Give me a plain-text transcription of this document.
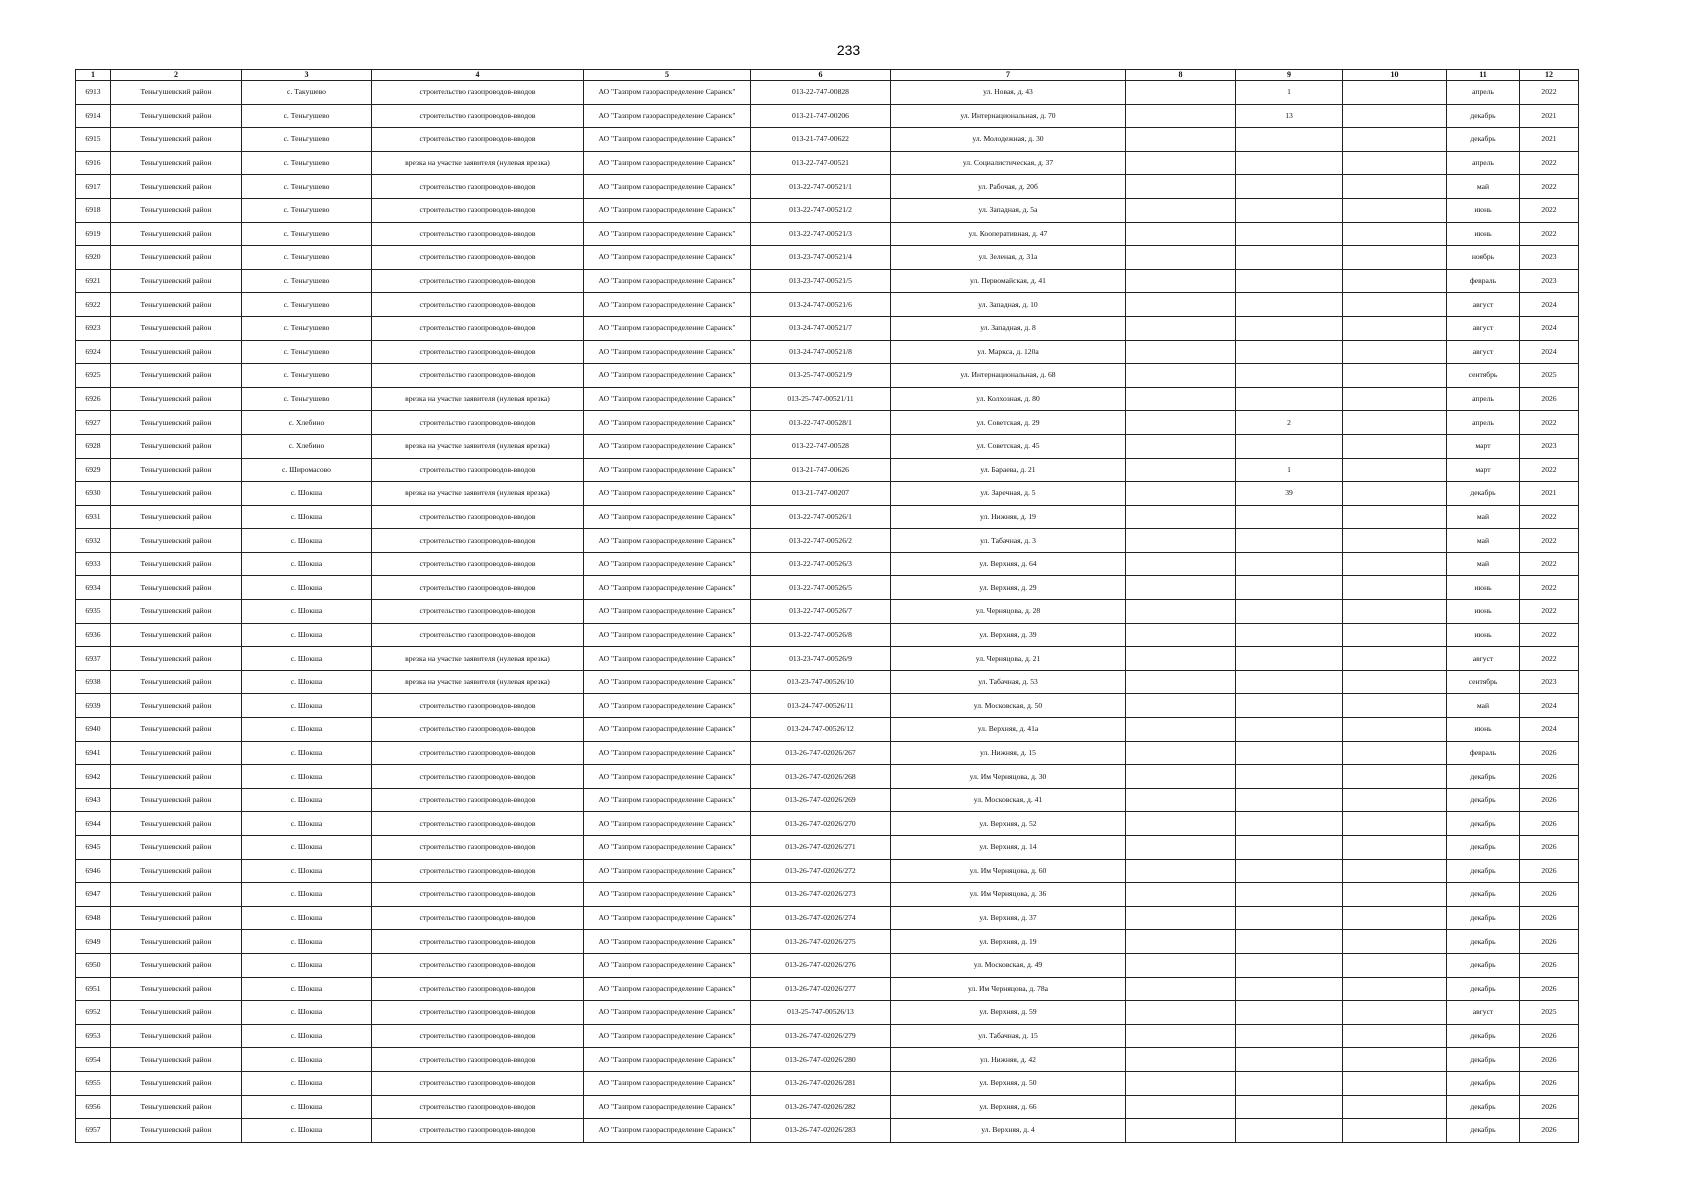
233
1	2	3	4	5	6	7	8	9	10	11	12
6913	Теньгушевский район	с. Такушево	строительство газопроводов-вводов	АО "Газпром газораспределение Саранск"	013-22-747-00828	ул. Новая, д. 43		1		апрель	2022
6914	Теньгушевский район	с. Теньгушево	строительство газопроводов-вводов	АО "Газпром газораспределение Саранск"	013-21-747-00206	ул. Интернациональная, д. 70		13		декабрь	2021
6915	Теньгушевский район	с. Теньгушево	строительство газопроводов-вводов	АО "Газпром газораспределение Саранск"	013-21-747-00622	ул. Молодежная, д. 30				декабрь	2021
6916	Теньгушевский район	с. Теньгушево	врезка на участке заявителя (нулевая врезка)	АО "Газпром газораспределение Саранск"	013-22-747-00521	ул. Социалистическая, д. 37				апрель	2022
6917	Теньгушевский район	с. Теньгушево	строительство газопроводов-вводов	АО "Газпром газораспределение Саранск"	013-22-747-00521/1	ул. Рабочая, д. 20б				май	2022
6918	Теньгушевский район	с. Теньгушево	строительство газопроводов-вводов	АО "Газпром газораспределение Саранск"	013-22-747-00521/2	ул. Западная, д. 5а				июнь	2022
6919	Теньгушевский район	с. Теньгушево	строительство газопроводов-вводов	АО "Газпром газораспределение Саранск"	013-22-747-00521/3	ул. Кооперативная, д. 47				июнь	2022
6920	Теньгушевский район	с. Теньгушево	строительство газопроводов-вводов	АО "Газпром газораспределение Саранск"	013-23-747-00521/4	ул. Зеленая, д. 31а				ноябрь	2023
6921	Теньгушевский район	с. Теньгушево	строительство газопроводов-вводов	АО "Газпром газораспределение Саранск"	013-23-747-00521/5	ул. Первомайская, д. 41				февраль	2023
6922	Теньгушевский район	с. Теньгушево	строительство газопроводов-вводов	АО "Газпром газораспределение Саранск"	013-24-747-00521/6	ул. Западная, д. 10				август	2024
6923	Теньгушевский район	с. Теньгушево	строительство газопроводов-вводов	АО "Газпром газораспределение Саранск"	013-24-747-00521/7	ул. Западная, д. 8				август	2024
6924	Теньгушевский район	с. Теньгушево	строительство газопроводов-вводов	АО "Газпром газораспределение Саранск"	013-24-747-00521/8	ул. Маркса, д. 120а				август	2024
6925	Теньгушевский район	с. Теньгушево	строительство газопроводов-вводов	АО "Газпром газораспределение Саранск"	013-25-747-00521/9	ул. Интернациональная, д. 68				сентябрь	2025
6926	Теньгушевский район	с. Теньгушево	врезка на участке заявителя (нулевая врезка)	АО "Газпром газораспределение Саранск"	013-25-747-00521/11	ул. Колхозная, д. 80				апрель	2026
6927	Теньгушевский район	с. Хлебино	строительство газопроводов-вводов	АО "Газпром газораспределение Саранск"	013-22-747-00528/1	ул. Советская, д. 29		2		апрель	2022
6928	Теньгушевский район	с. Хлебино	врезка на участке заявителя (нулевая врезка)	АО "Газпром газораспределение Саранск"	013-22-747-00528	ул. Советская, д. 45				март	2023
6929	Теньгушевский район	с. Широмасово	строительство газопроводов-вводов	АО "Газпром газораспределение Саранск"	013-21-747-00626	ул. Бараева, д. 21		1		март	2022
6930	Теньгушевский район	с. Шокша	врезка на участке заявителя (нулевая врезка)	АО "Газпром газораспределение Саранск"	013-21-747-00207	ул. Заречная, д. 5		39		декабрь	2021
6931	Теньгушевский район	с. Шокша	строительство газопроводов-вводов	АО "Газпром газораспределение Саранск"	013-22-747-00526/1	ул. Нижняя, д. 19				май	2022
6932	Теньгушевский район	с. Шокша	строительство газопроводов-вводов	АО "Газпром газораспределение Саранск"	013-22-747-00526/2	ул. Табачная, д. 3				май	2022
6933	Теньгушевский район	с. Шокша	строительство газопроводов-вводов	АО "Газпром газораспределение Саранск"	013-22-747-00526/3	ул. Верхняя, д. 64				май	2022
6934	Теньгушевский район	с. Шокша	строительство газопроводов-вводов	АО "Газпром газораспределение Саранск"	013-22-747-00526/5	ул. Верхняя, д. 29				июнь	2022
6935	Теньгушевский район	с. Шокша	строительство газопроводов-вводов	АО "Газпром газораспределение Саранск"	013-22-747-00526/7	ул. Черняцова, д. 28				июнь	2022
6936	Теньгушевский район	с. Шокша	строительство газопроводов-вводов	АО "Газпром газораспределение Саранск"	013-22-747-00526/8	ул. Верхняя, д. 39				июнь	2022
6937	Теньгушевский район	с. Шокша	врезка на участке заявителя (нулевая врезка)	АО "Газпром газораспределение Саранск"	013-23-747-00526/9	ул. Черняцова, д. 21				август	2022
6938	Теньгушевский район	с. Шокша	врезка на участке заявителя (нулевая врезка)	АО "Газпром газораспределение Саранск"	013-23-747-00526/10	ул. Табачная, д. 53				сентябрь	2023
6939	Теньгушевский район	с. Шокша	строительство газопроводов-вводов	АО "Газпром газораспределение Саранск"	013-24-747-00526/11	ул. Московская, д. 50				май	2024
6940	Теньгушевский район	с. Шокша	строительство газопроводов-вводов	АО "Газпром газораспределение Саранск"	013-24-747-00526/12	ул. Верхняя, д. 41а				июнь	2024
6941	Теньгушевский район	с. Шокша	строительство газопроводов-вводов	АО "Газпром газораспределение Саранск"	013-26-747-02026/267	ул. Нижняя, д. 15				февраль	2026
6942	Теньгушевский район	с. Шокша	строительство газопроводов-вводов	АО "Газпром газораспределение Саранск"	013-26-747-02026/268	ул. Им Черняцова, д. 30				декабрь	2026
6943	Теньгушевский район	с. Шокша	строительство газопроводов-вводов	АО "Газпром газораспределение Саранск"	013-26-747-02026/269	ул. Московская, д. 41				декабрь	2026
6944	Теньгушевский район	с. Шокша	строительство газопроводов-вводов	АО "Газпром газораспределение Саранск"	013-26-747-02026/270	ул. Верхняя, д. 52				декабрь	2026
6945	Теньгушевский район	с. Шокша	строительство газопроводов-вводов	АО "Газпром газораспределение Саранск"	013-26-747-02026/271	ул. Верхняя, д. 14				декабрь	2026
6946	Теньгушевский район	с. Шокша	строительство газопроводов-вводов	АО "Газпром газораспределение Саранск"	013-26-747-02026/272	ул. Им Черняцова, д. 60				декабрь	2026
6947	Теньгушевский район	с. Шокша	строительство газопроводов-вводов	АО "Газпром газораспределение Саранск"	013-26-747-02026/273	ул. Им Черняцова, д. 36				декабрь	2026
6948	Теньгушевский район	с. Шокша	строительство газопроводов-вводов	АО "Газпром газораспределение Саранск"	013-26-747-02026/274	ул. Верхняя, д. 37				декабрь	2026
6949	Теньгушевский район	с. Шокша	строительство газопроводов-вводов	АО "Газпром газораспределение Саранск"	013-26-747-02026/275	ул. Верхняя, д. 19				декабрь	2026
6950	Теньгушевский район	с. Шокша	строительство газопроводов-вводов	АО "Газпром газораспределение Саранск"	013-26-747-02026/276	ул. Московская, д. 49				декабрь	2026
6951	Теньгушевский район	с. Шокша	строительство газопроводов-вводов	АО "Газпром газораспределение Саранск"	013-26-747-02026/277	ул. Им Черняцова, д. 78а				декабрь	2026
6952	Теньгушевский район	с. Шокша	строительство газопроводов-вводов	АО "Газпром газораспределение Саранск"	013-25-747-00526/13	ул. Верхняя, д. 59				август	2025
6953	Теньгушевский район	с. Шокша	строительство газопроводов-вводов	АО "Газпром газораспределение Саранск"	013-26-747-02026/279	ул. Табачная, д. 15				декабрь	2026
6954	Теньгушевский район	с. Шокша	строительство газопроводов-вводов	АО "Газпром газораспределение Саранск"	013-26-747-02026/280	ул. Нижняя, д. 42				декабрь	2026
6955	Теньгушевский район	с. Шокша	строительство газопроводов-вводов	АО "Газпром газораспределение Саранск"	013-26-747-02026/281	ул. Верхняя, д. 50				декабрь	2026
6956	Теньгушевский район	с. Шокша	строительство газопроводов-вводов	АО "Газпром газораспределение Саранск"	013-26-747-02026/282	ул. Верхняя, д. 66				декабрь	2026
6957	Теньгушевский район	с. Шокша	строительство газопроводов-вводов	АО "Газпром газораспределение Саранск"	013-26-747-02026/283	ул. Верхняя, д. 4				декабрь	2026
